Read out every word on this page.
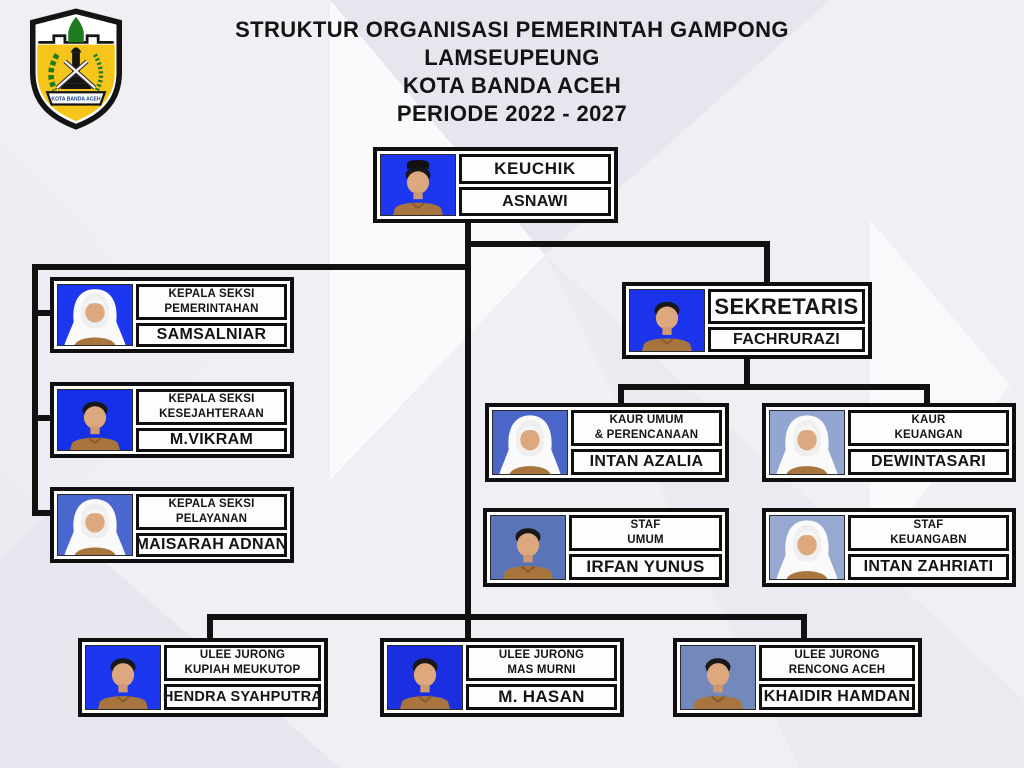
KOTA BANDA ACEH
STRUKTUR ORGANISASI PEMERINTAH GAMPONG
LAMSEUPEUNG
KOTA BANDA ACEH
PERIODE 2022 - 2027
KEUCHIK
ASNAWI
KEPALA SEKSI
PEMERINTAHAN
SAMSALNIAR
KEPALA SEKSI
KESEJAHTERAAN
M.VIKRAM
KEPALA SEKSI
PELAYANAN
MAISARAH ADNAN
SEKRETARIS
FACHRURAZI
KAUR UMUM
& PERENCANAAN
INTAN AZALIA
KAUR
KEUANGAN
DEWINTASARI
STAF
UMUM
IRFAN YUNUS
STAF
KEUANGABN
INTAN ZAHRIATI
ULEE JURONG
KUPIAH MEUKUTOP
HENDRA SYAHPUTRA
ULEE JURONG
MAS MURNI
M. HASAN
ULEE JURONG
RENCONG ACEH
KHAIDIR HAMDAN
